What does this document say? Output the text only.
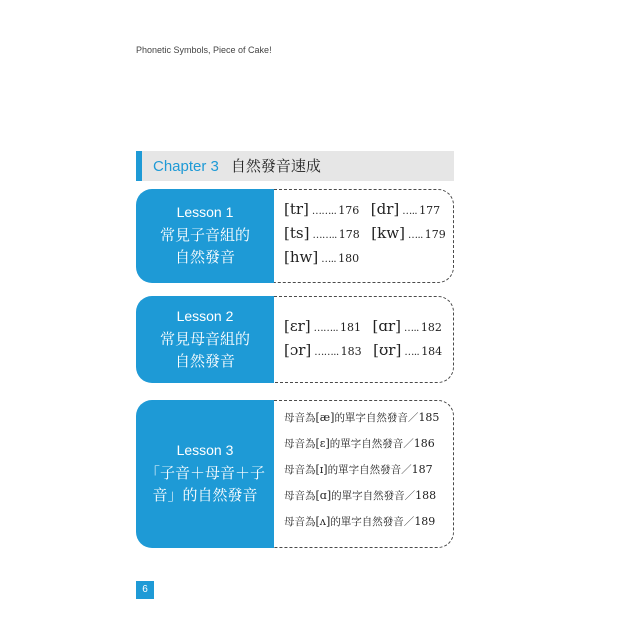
Phonetic Symbols, Piece of Cake!
Chapter 3 自然發音速成
Lesson 1
常見子音組的
自然發音
[tr] …….. 176 [dr] ….. 177
[ts] …….. 178 [kw] ….. 179
[hw] ….. 180
Lesson 2
常見母音組的
自然發音
[ɛr] …….. 181 [ɑr] ….. 182
[ɔr] …….. 183 [ʊr] ….. 184
Lesson 3
「子音＋母音＋子
音」的自然發音
母音為[æ]的單字自然發音／185
母音為[ɛ]的單字自然發音／186
母音為[ɪ]的單字自然發音／187
母音為[ɑ]的單字自然發音／188
母音為[ʌ]的單字自然發音／189
6
